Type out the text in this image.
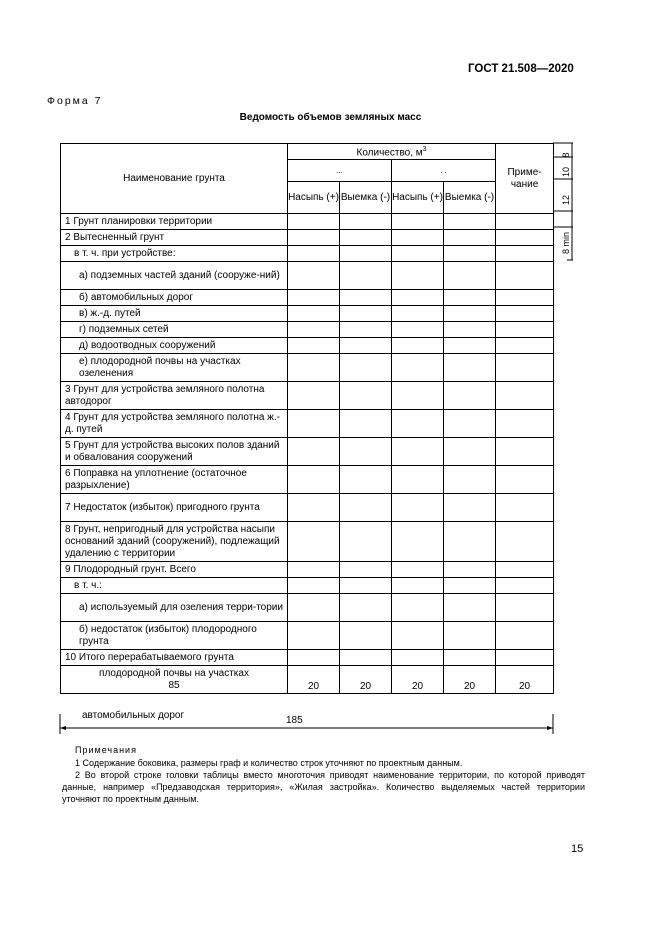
ГОСТ 21.508—2020
Форма 7
Ведомость объемов земляных масс
Наименование грунта	Количество, $м^3$				Приме-чание
	...		. .		
	Насыпь (+)	Выемка (-)	Насыпь (+)	Выемка (-)	
1 Грунт планировки территории					
2 Вытесненный грунт					
в т. ч. при устройстве:					
а) подземных частей зданий (сооруже-ний)					
б) автомобильных дорог					
в) ж.-д. путей					
г) подземных сетей					
д) водоотводных сооружений					
е) плодородной почвы на участках озеленения					
3 Грунт для устройства земляного полотна автодорог					
4 Грунт для устройства земляного полотна ж.-д. путей					
5 Грунт для устройства высоких полов зданий и обвалования сооружений					
6 Поправка на уплотнение (остаточное разрыхление)					
7 Недостаток (избыток) пригодного грунта					
8 Грунт, непригодный для устройства насыпи оснований зданий (сооружений), подлежащий удалению с территории					
9 Плодородный грунт. Всего					
в т. ч.:					
а) используемый для озеления терри-тории					
б) недостаток (избыток) плодородного грунта					
10 Итого перерабатываемого грунта					

плодородной почвы на участках
85	20	20	20	20	20
автомобильных дорог	185
8
10
12
8 min
Примечания
1 Содержание боковика, размеры граф и количество строк уточняют по проектным данным.
2 Во второй строке головки таблицы вместо многоточия приводят наименование территории, по которой приводят данные, например «Предзаводская территория», «Жилая застройка». Количество выделяемых частей территории уточняют по проектным данным.
15
